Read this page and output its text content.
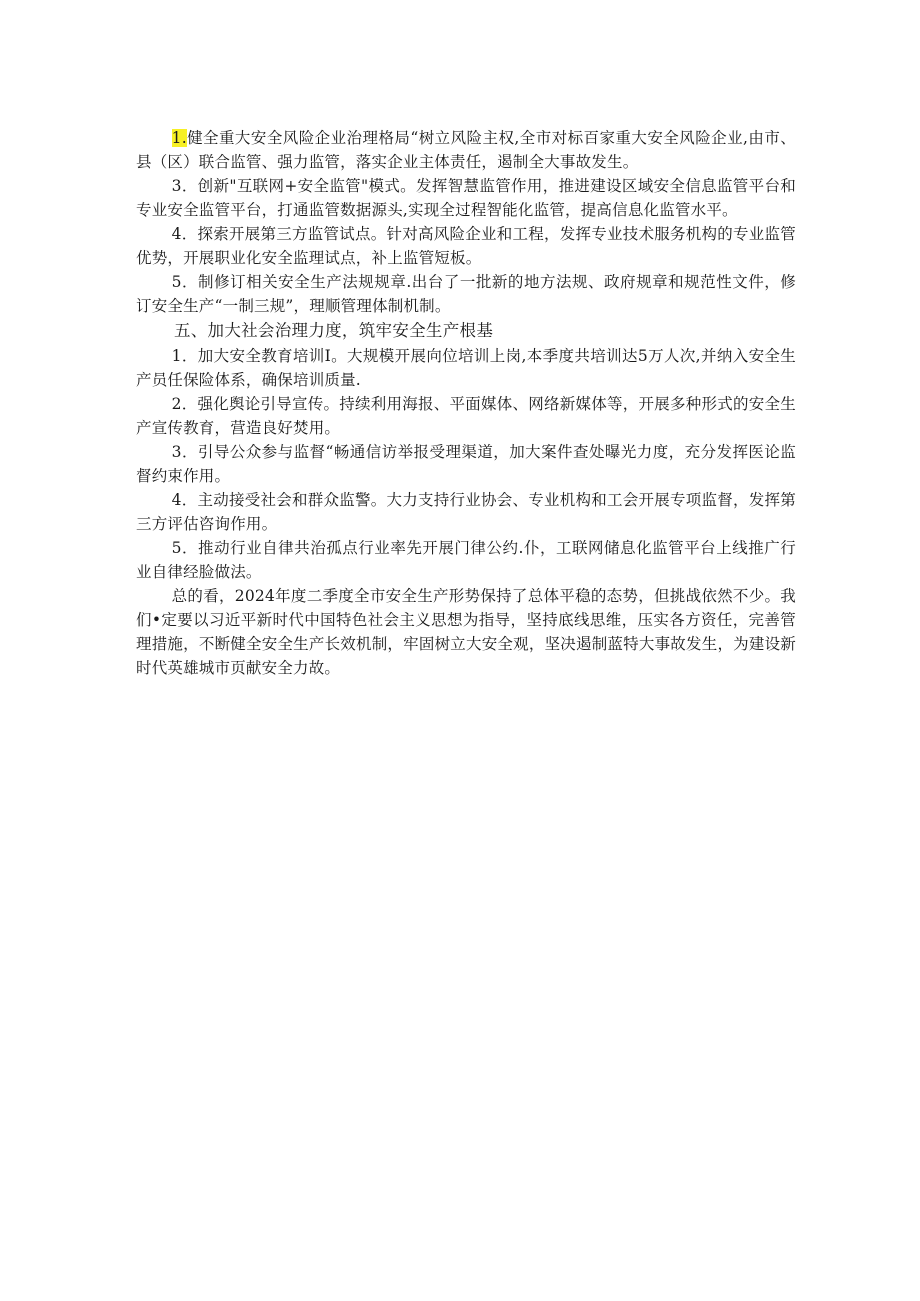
1.健全重大安全风险企业治理格局“树立风险主权,全市对标百家重大安全风险企业,由市、县（区）联合监管、强力监管，落实企业主体责任，遏制全大事故发生。

3．创新"互联网+安全监管"模式。发挥智慧监管作用，推进建设区域安全信息监管平台和专业安全监管平台，打通监管数据源头,实现全过程智能化监管，提高信息化监管水平。

4．探索开展第三方监管试点。针对高风险企业和工程，发挥专业技术服务机构的专业监管优势，开展职业化安全监理试点，补上监管短板。

5．制修订相关安全生产法规规章.出台了一批新的地方法规、政府规章和规范性文件，修订安全生产“一制三规”，理顺管理体制机制。

五、加大社会治理力度，筑牢安全生产根基

1．加大安全教育培训I。大规模开展向位培训上岗,本季度共培训达5万人次,并纳入安全生产员任保险体系，确保培训质量.

2．强化舆论引导宣传。持续利用海报、平面媒体、网络新媒体等，开展多种形式的安全生产宣传教育，营造良好焚用。

3．引导公众参与监督“畅通信访举报受理渠道，加大案件查处曝光力度，充分发挥医论监督约束作用。

4．主动接受社会和群众监警。大力支持行业协会、专业机构和工会开展专项监督，发挥第三方评估咨询作用。

5．推动行业自律共治孤点行业率先开展门律公约.仆，工联网储息化监管平台上线推广行业自律经脸做法。

总的看，2024年度二季度全市安全生产形势保持了总体平稳的态势，但挑战依然不少。我们•定要以习近平新时代中国特色社会主义思想为指导，坚持底线思维，压实各方资任，完善管理措施，不断健全安全生产长效机制，牢固树立大安全观，坚决遏制蓝特大事故发生，为建设新时代英雄城市页献安全力故。
